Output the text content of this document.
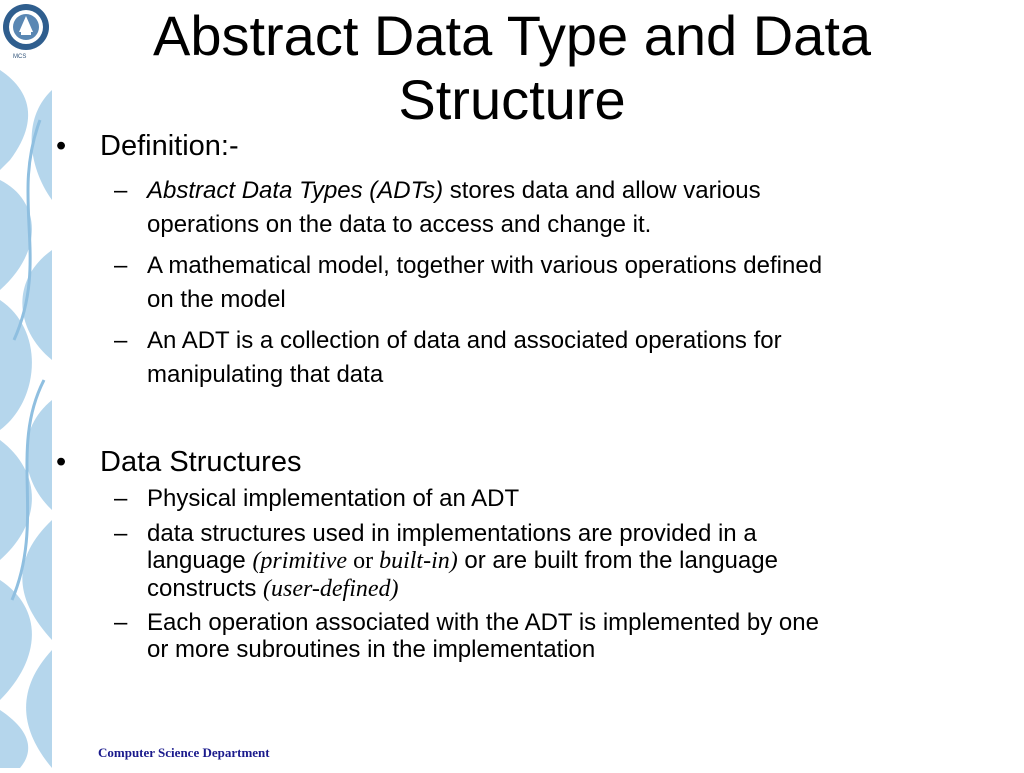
MCS	Abstract Data Type and Data
Structure
•	Definition:-
– Abstract Data Types (ADTs) stores data and allow various
operations on the data to access and change it.
– A mathematical model, together with various operations defined
on the model
– An ADT is a collection of data and associated operations for
manipulating that data
•	Data Structures
– Physical implementation of an ADT
– data structures used in implementations are provided in a
language (primitive or built-in) or are built from the language
constructs (user-defined)
– Each operation associated with the ADT is implemented by one
or more subroutines in the implementation
Computer Science Department
